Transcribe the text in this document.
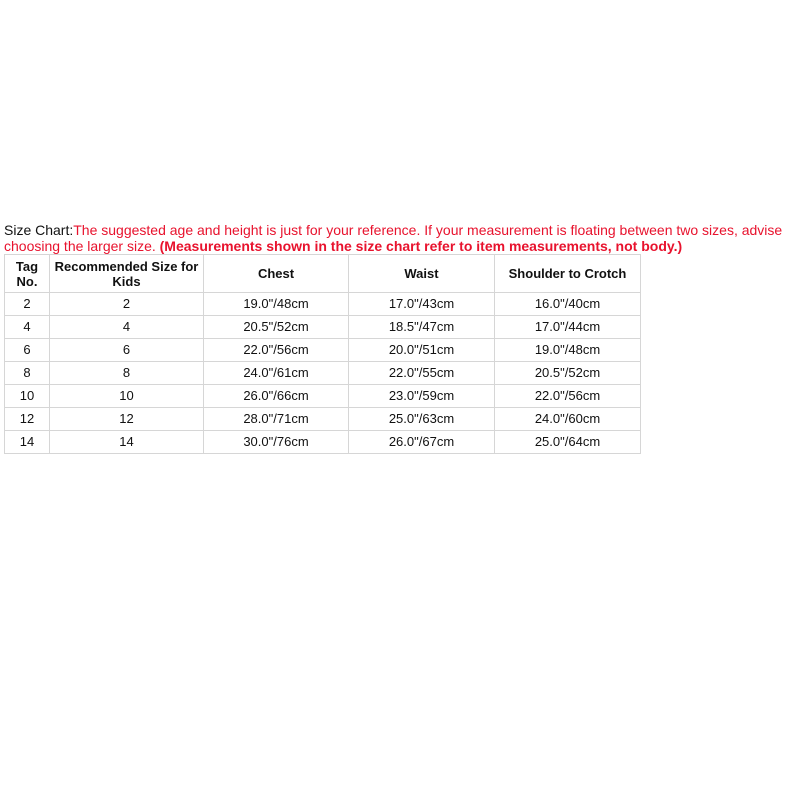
Size Chart:The suggested age and height is just for your reference. If your measurement is floating between two sizes, advise choosing the larger size. (Measurements shown in the size chart refer to item measurements, not body.)
Tag No.	Recommended Size for Kids	Chest	Waist	Shoulder to Crotch
2	2	19.0"/48cm	17.0"/43cm	16.0"/40cm
4	4	20.5"/52cm	18.5"/47cm	17.0"/44cm
6	6	22.0"/56cm	20.0"/51cm	19.0"/48cm
8	8	24.0"/61cm	22.0"/55cm	20.5"/52cm
10	10	26.0"/66cm	23.0"/59cm	22.0"/56cm
12	12	28.0"/71cm	25.0"/63cm	24.0"/60cm
14	14	30.0"/76cm	26.0"/67cm	25.0"/64cm
